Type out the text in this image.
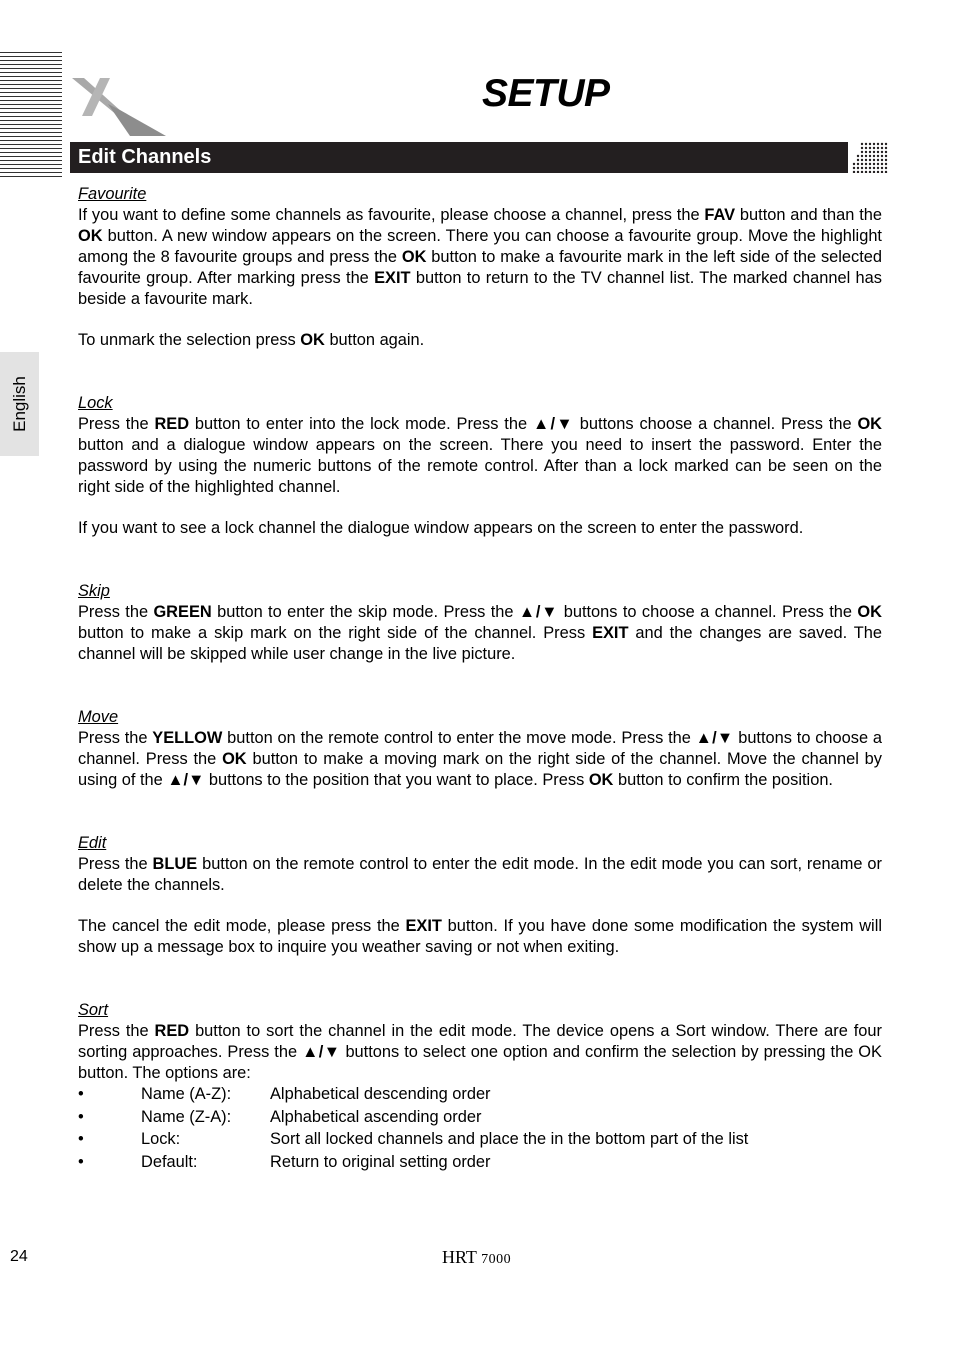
SETUP
English
Edit Channels
Favourite

If you want to define some channels as favourite, please choose a channel, press the FAV button and than the OK button. A new window appears on the screen. There you can choose a favourite group. Move the highlight among the 8 favourite groups and press the OK button to make a favourite mark in the left side of the selected favourite group. After marking press the EXIT button to return to the TV channel list. The marked channel has beside a favourite mark.

To unmark the selection press OK button again.

Lock

Press the RED button to enter into the lock mode. Press the ▲/▼ buttons choose a channel. Press the OK button and a dialogue window appears on the screen. There you need to insert the password. Enter the password by using the numeric buttons of the remote control. After than a lock marked can be seen on the right side of the highlighted channel.

If you want to see a lock channel the dialogue window appears on the screen to enter the password.

Skip

Press the GREEN button to enter the skip mode. Press the ▲/▼ buttons to choose a channel. Press the OK button to make a skip mark on the right side of the channel. Press EXIT and the changes are saved. The channel will be skipped while user change in the live picture.

Move

Press the YELLOW button on the remote control to enter the move mode. Press the ▲/▼ buttons to choose a channel. Press the OK button to make a moving mark on the right side of the channel. Move the channel by using of the ▲/▼ buttons to the position that you want to place. Press OK button to confirm the position.

Edit

Press the BLUE button on the remote control to enter the edit mode. In the edit mode you can sort, rename or delete the channels.

The cancel the edit mode, please press the EXIT button. If you have done some modification the system will show up a message box to inquire you weather saving or not when exiting.

Sort

Press the RED button to sort the channel in the edit mode. The device opens a Sort window. There are four sorting approaches. Press the ▲/▼ buttons to select one option and confirm the selection by pressing the OK button. The options are:

•	Name (A-Z): Alphabetical descending order
•	Name (Z-A): Alphabetical ascending order
•	Lock:	Sort all locked channels and place the in the bottom part of the list
•	Default:	Return to original setting order
24	HRT 7000
